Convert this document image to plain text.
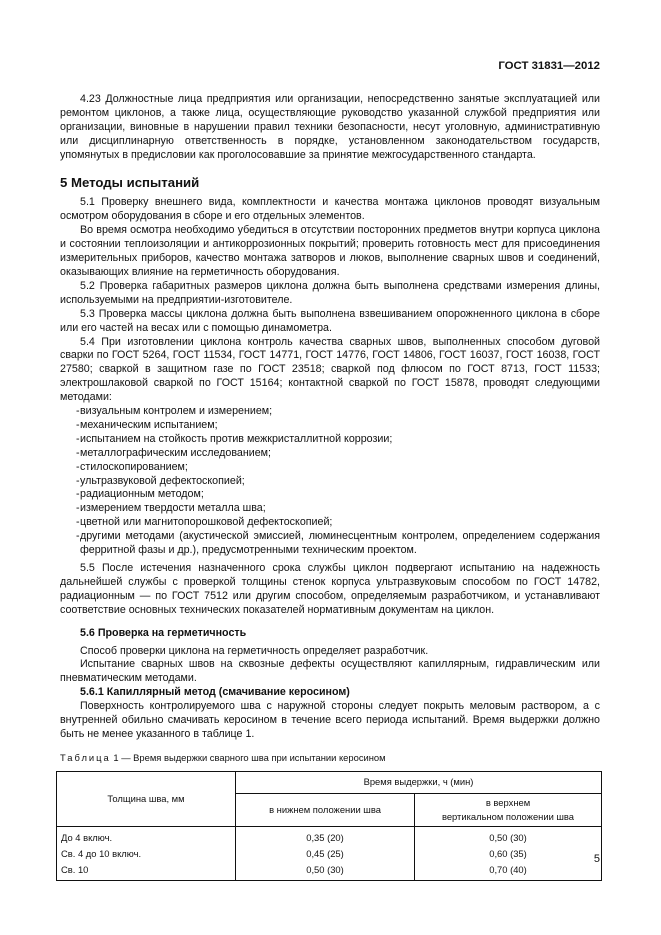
ГОСТ 31831—2012

4.23 Должностные лица предприятия или организации, непосредственно занятые эксплуатацией или ремонтом циклонов, а также лица, осуществляющие руководство указанной службой предприятия или организации, виновные в нарушении правил техники безопасности, несут уголовную, административную или дисциплинарную ответственность в порядке, установленном законодательством государств, упомянутых в предисловии как проголосовавшие за принятие межгосударственного стандарта.

5 Методы испытаний

5.1 Проверку внешнего вида, комплектности и качества монтажа циклонов проводят визуальным осмотром оборудования в сборе и его отдельных элементов.

Во время осмотра необходимо убедиться в отсутствии посторонних предметов внутри корпуса циклона и состоянии теплоизоляции и антикоррозионных покрытий; проверить готовность мест для присоединения измерительных приборов, качество монтажа затворов и люков, выполнение сварных швов и соединений, оказывающих влияние на герметичность оборудования.

5.2 Проверка габаритных размеров циклона должна быть выполнена средствами измерения длины, используемыми на предприятии-изготовителе.

5.3 Проверка массы циклона должна быть выполнена взвешиванием опорожненного циклона в сборе или его частей на весах или с помощью динамометра.

5.4 При изготовлении циклона контроль качества сварных швов, выполненных способом дуговой сварки по ГОСТ 5264, ГОСТ 11534, ГОСТ 14771, ГОСТ 14776, ГОСТ 14806, ГОСТ 16037, ГОСТ 16038, ГОСТ 27580; сваркой в защитном газе по ГОСТ 23518; сваркой под флюсом по ГОСТ 8713, ГОСТ 11533; электрошлаковой сваркой по ГОСТ 15164; контактной сваркой по ГОСТ 15878, проводят следующими методами:

- визуальным контролем и измерением;

- механическим испытанием;

- испытанием на стойкость против межкристаллитной коррозии;

- металлографическим исследованием;

- стилоскопированием;

- ультразвуковой дефектоскопией;

- радиационным методом;

- измерением твердости металла шва;

- цветной или магнитопорошковой дефектоскопией;

- другими методами (акустической эмиссией, люминесцентным контролем, определением содержания ферритной фазы и др.), предусмотренными техническим проектом.

5.5 После истечения назначенного срока службы циклон подвергают испытанию на надежность дальнейшей службы с проверкой толщины стенок корпуса ультразвуковым способом по ГОСТ 14782, радиационным — по ГОСТ 7512 или другим способом, определяемым разработчиком, и устанавливают соответствие основных технических показателей нормативным документам на циклон.

5.6 Проверка на герметичность

Способ проверки циклона на герметичность определяет разработчик.

Испытание сварных швов на сквозные дефекты осуществляют капиллярным, гидравлическим или пневматическим методами.

5.6.1 Капиллярный метод (смачивание керосином)

Поверхность контролируемого шва с наружной стороны следует покрыть меловым раствором, а с внутренней обильно смачивать керосином в течение всего периода испытаний. Время выдержки должно быть не менее указанного в таблице 1.

Таблица 1 — Время выдержки сварного шва при испытании керосином
Толщина шва, мм	Время выдержки, ч (мин)	
	в нижнем положении шва	в верхнем
вертикальном положении шва

До 4 включ.	0,35 (20)	0,50 (30)
Св. 4 до 10 включ.	0,45 (25)	0,60 (35)
Св. 10	0,50 (30)	0,70 (40)
5
